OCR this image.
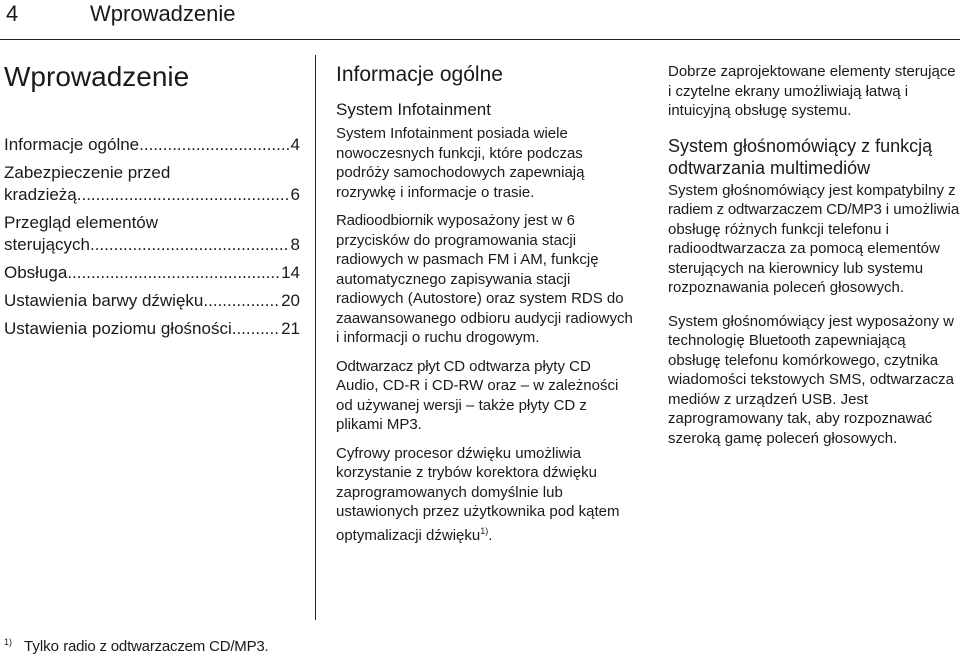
4	Wprowadzenie
Wprowadzenie
Informacje ogólne .....	4
Zabezpieczenie przed
kradzieżą .....	6
Przegląd elementów
sterujących .....	8
Obsługa .....	14
Ustawienia barwy dźwięku .....	20
Ustawienia poziomu głośności .....	21
Informacje ogólne
System Infotainment

System Infotainment posiada wiele nowoczesnych funkcji, które podczas podróży samochodowych zapewniają rozrywkę i informacje o trasie.

Radioodbiornik wyposażony jest w 6 przycisków do programowania stacji radiowych w pasmach FM i AM, funkcję automatycznego zapisywania stacji radiowych (Autostore) oraz system RDS do zaawansowanego odbioru audycji radiowych i informacji o ruchu drogowym.

Odtwarzacz płyt CD odtwarza płyty CD Audio, CD-R i CD-RW oraz – w zależności od używanej wersji – także płyty CD z plikami MP3.

Cyfrowy procesor dźwięku umożliwia korzystanie z trybów korektora dźwięku zaprogramowanych domyślnie lub ustawionych przez użytkownika pod kątem optymalizacji dźwięku$^{1)}$.

Dobrze zaprojektowane elementy sterujące i czytelne ekrany umożliwiają łatwą i intuicyjną obsługę systemu.

System głośnomówiący z funkcją odtwarzania multimediów

System głośnomówiący jest kompatybilny z radiem z odtwarzaczem CD/MP3 i umożliwia obsługę różnych funkcji telefonu i radioodtwarzacza za pomocą elementów sterujących na kierownicy lub systemu rozpoznawania poleceń głosowych.

System głośnomówiący jest wyposażony w technologię Bluetooth zapewniającą obsługę telefonu komórkowego, czytnika wiadomości tekstowych SMS, odtwarzacza mediów z urządzeń USB. Jest zaprogramowany tak, aby rozpoznawać szeroką gamę poleceń głosowych.

$^{1)}$ Tylko radio z odtwarzaczem CD/MP3.
